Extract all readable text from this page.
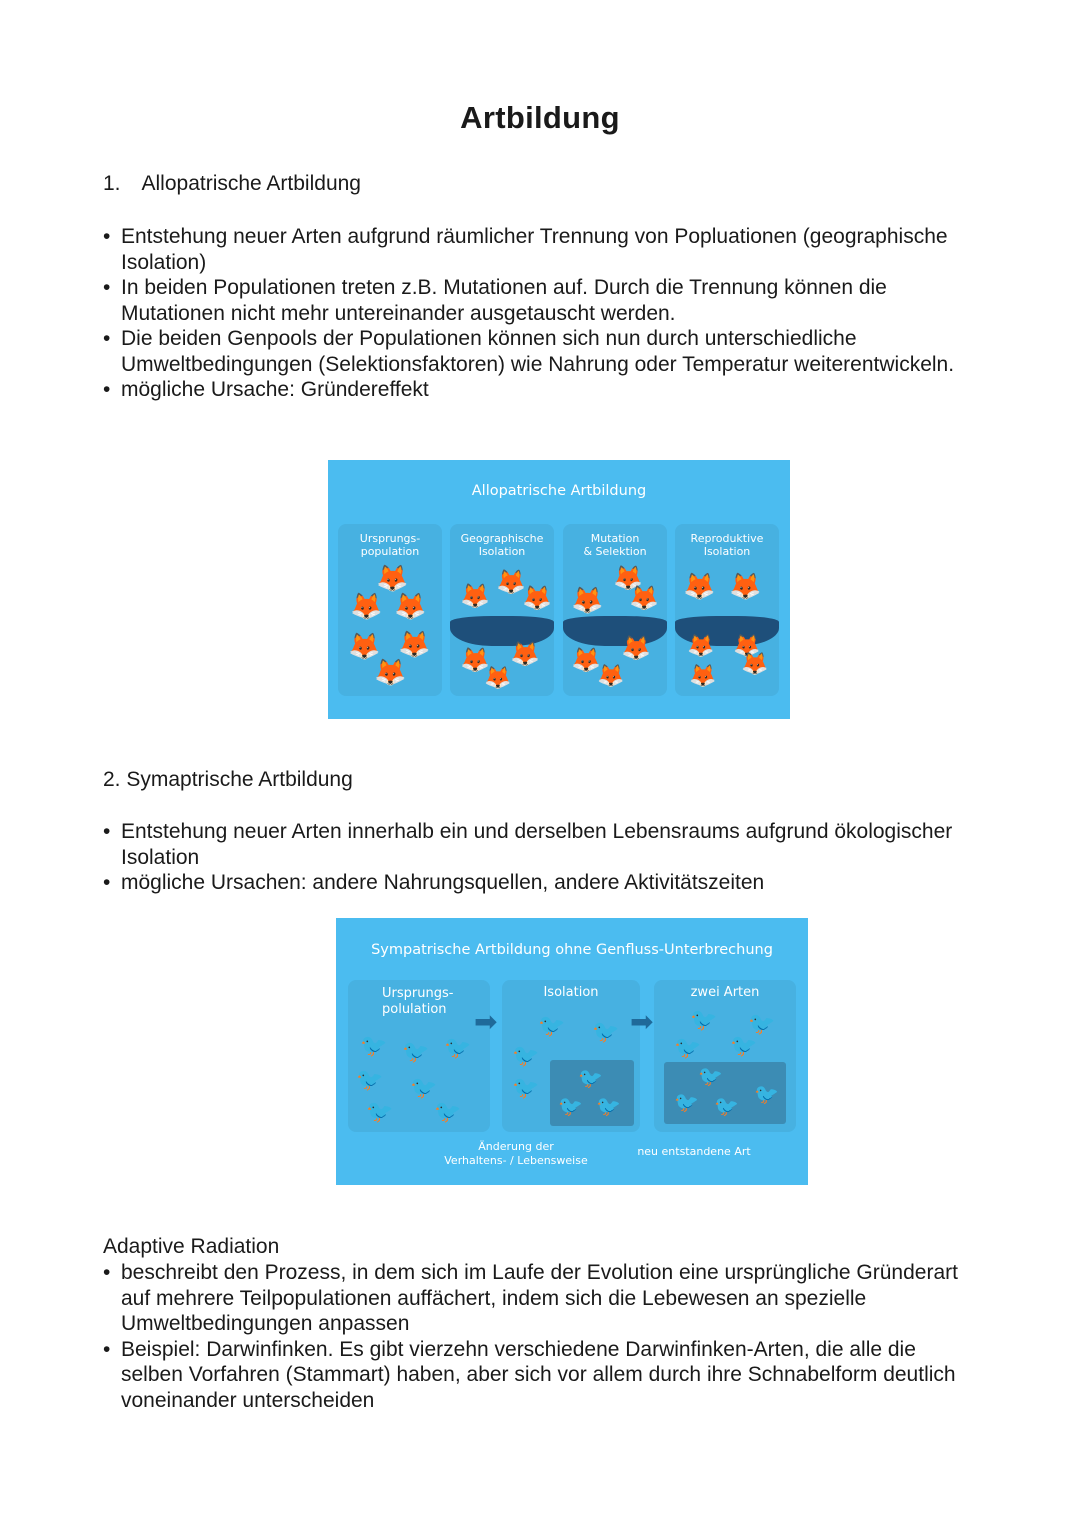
Artbildung
1. Allopatrische Artbildung
• Entstehung neuer Arten aufgrund räumlicher Trennung von Popluationen (geographische Isolation)
• In beiden Populationen treten z.B. Mutationen auf. Durch die Trennung können die Mutationen nicht mehr untereinander ausgetauscht werden.
• Die beiden Genpools der Populationen können sich nun durch unterschiedliche Umweltbedingungen (Selektionsfaktoren) wie Nahrung oder Temperatur weiterentwickeln.
• mögliche Ursache: Gründereffekt
Allopatrische Artbildung
Ursprungs-
population
🦊
🦊 🦊
🦊 🦊
🦊
Geographische
Isolation
🦊 🦊
🦊
🦊 🦊
🦊
Mutation
& Selektion
🦊
🦊
🦊
🦊 🦊
🦊
Reproduktive
Isolation
🦊 🦊
🦊 🦊
🦊
🦊
2. Symaptrische Artbildung
• Entstehung neuer Arten innerhalb ein und derselben Lebensraums aufgrund ökologischer Isolation
• mögliche Ursachen: andere Nahrungsquellen, andere Aktivitätszeiten
Sympatrische Artbildung ohne Genfluss-Unterbrechung
Ursprungs-
polulation
🐦 🐦 🐦
🐦 🐦
🐦 🐦
➡
Isolation
🐦 🐦
🐦
🐦 🐦
🐦 🐦
➡
zwei Arten
🐦 🐦
🐦 🐦
🐦
🐦 🐦 🐦
Änderung der
Verhaltens- / Lebensweise
neu entstandene Art
Adaptive Radiation
• beschreibt den Prozess, in dem sich im Laufe der Evolution eine ursprüngliche Gründerart auf mehrere Teilpopulationen auffächert, indem sich die Lebewesen an spezielle Umweltbedingungen anpassen
• Beispiel: Darwinfinken. Es gibt vierzehn verschiedene Darwinfinken-Arten, die alle die selben Vorfahren (Stammart) haben, aber sich vor allem durch ihre Schnabelform deutlich voneinander unterscheiden
